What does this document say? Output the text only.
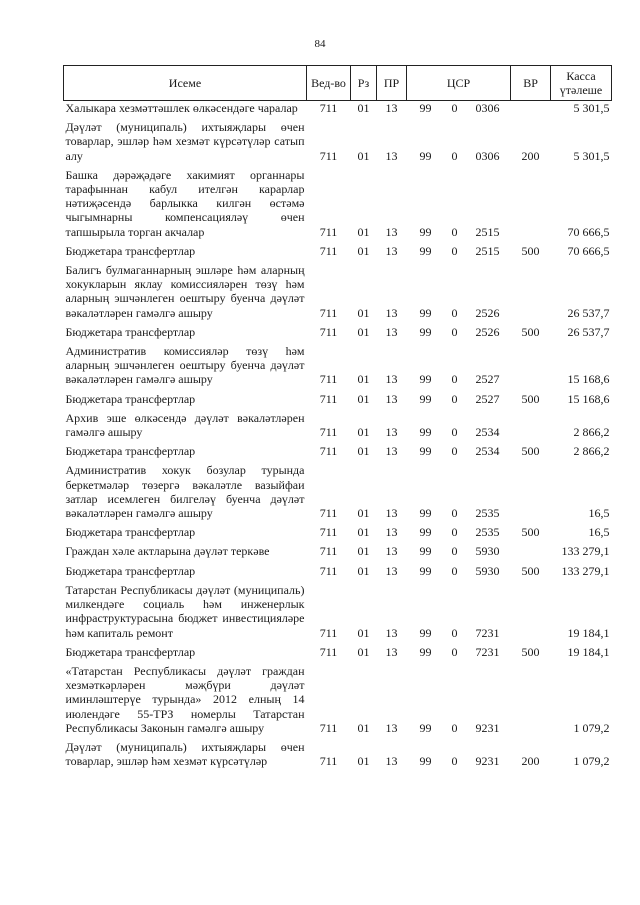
84
Исеме	Вед-во	Рз	ПР	ЦСР			ВР	Касса үтәлеше
Халыкара хезмәттәшлек өлкәсендәге чаралар	711	01	13	99	0	0306		5 301,5
Дәүләт (муниципаль) ихтыяҗлары өчен товарлар, эшләр һәм хезмәт күрсәтүләр сатып алу	711	01	13	99	0	0306	200	5 301,5
Башка дәрәҗәдәге хакимият органнары тарафыннан кабул ителгән карарлар нәтиҗәсендә барлыкка килгән өстәмә чыгымнарны компенсацияләү өчен тапшырыла торган акчалар	711	01	13	99	0	2515		70 666,5
Бюджетара трансфертлар	711	01	13	99	0	2515	500	70 666,5
Балигъ булмаганнарның эшләре һәм аларның хокукларын яклау комиссияләрен төзү һәм аларның эшчәнлеген оештыру буенча дәүләт вәкаләтләрен гамәлгә ашыру	711	01	13	99	0	2526		26 537,7
Бюджетара трансфертлар	711	01	13	99	0	2526	500	26 537,7
Административ комиссияләр төзү һәм аларның эшчәнлеген оештыру буенча дәүләт вәкаләтләрен гамәлгә ашыру	711	01	13	99	0	2527		15 168,6
Бюджетара трансфертлар	711	01	13	99	0	2527	500	15 168,6
Архив эше өлкәсендә дәүләт вәкаләтләрен гамәлгә ашыру	711	01	13	99	0	2534		2 866,2
Бюджетара трансфертлар	711	01	13	99	0	2534	500	2 866,2
Административ хокук бозулар турында беркетмәләр төзергә вәкаләтле вазыйфаи затлар исемлеген билгеләү буенча дәүләт вәкаләтләрен гамәлгә ашыру	711	01	13	99	0	2535		16,5
Бюджетара трансфертлар	711	01	13	99	0	2535	500	16,5
Граждан хәле актларына дәүләт теркәве	711	01	13	99	0	5930		133 279,1
Бюджетара трансфертлар	711	01	13	99	0	5930	500	133 279,1
Татарстан Республикасы дәүләт (муниципаль) милкендәге социаль һәм инженерлык инфраструктурасына бюджет инвестицияләре һәм капиталь ремонт	711	01	13	99	0	7231		19 184,1
Бюджетара трансфертлар	711	01	13	99	0	7231	500	19 184,1
«Татарстан Республикасы дәүләт граждан хезмәткәрләрен мәҗбүри дәүләт иминләштерүе турында» 2012 елның 14 июлендәге 55-ТРЗ номерлы Татарстан Республикасы Законын гамәлгә ашыру	711	01	13	99	0	9231		1 079,2
Дәүләт (муниципаль) ихтыяҗлары өчен товарлар, эшләр һәм хезмәт күрсәтүләр	711	01	13	99	0	9231	200	1 079,2
